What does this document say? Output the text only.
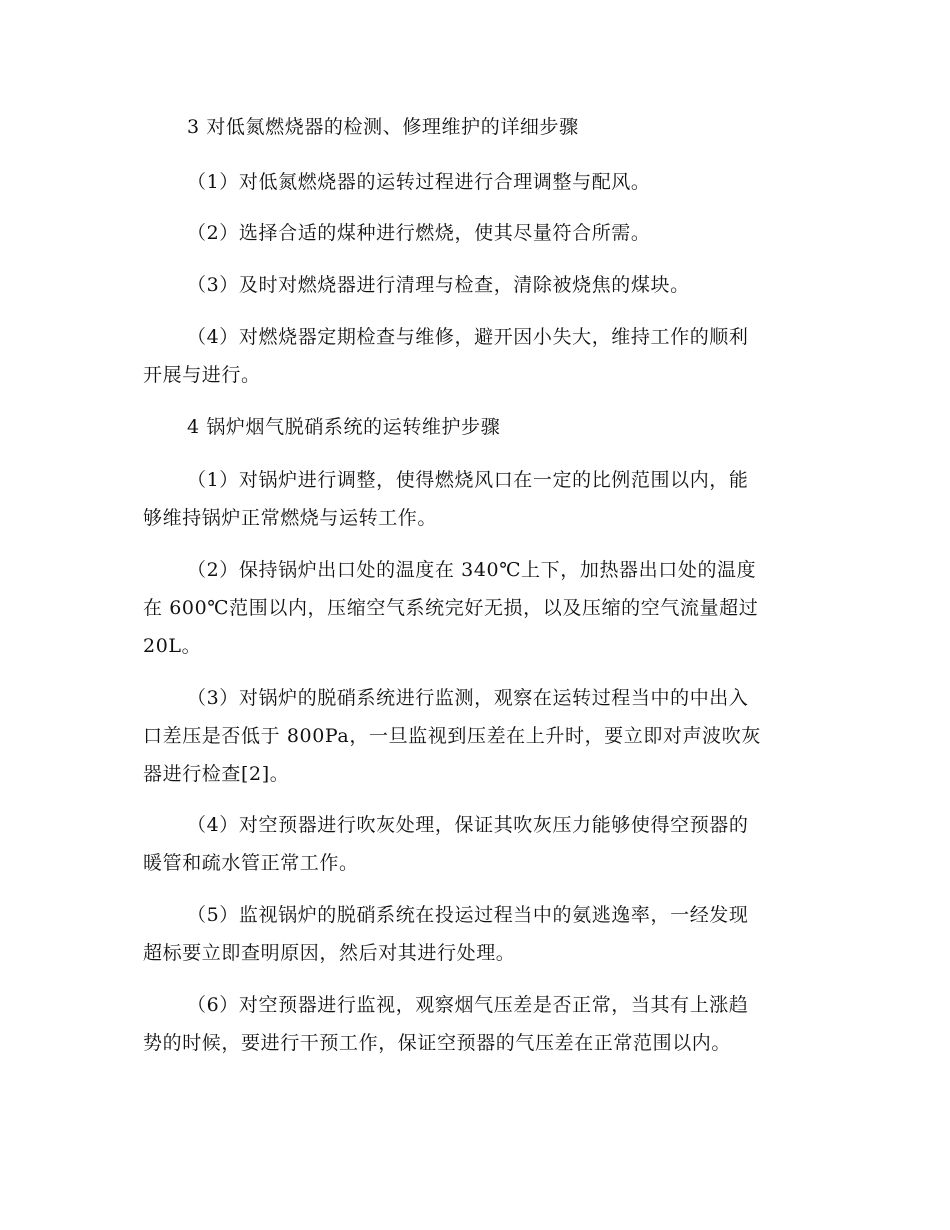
3 对低氮燃烧器的检测、修理维护的详细步骤
（1）对低氮燃烧器的运转过程进行合理调整与配风。
（2）选择合适的煤种进行燃烧，使其尽量符合所需。
（3）及时对燃烧器进行清理与检查，清除被烧焦的煤块。
（4）对燃烧器定期检查与维修，避开因小失大，维持工作的顺利
开展与进行。
4 锅炉烟气脱硝系统的运转维护步骤
（1）对锅炉进行调整，使得燃烧风口在一定的比例范围以内，能
够维持锅炉正常燃烧与运转工作。
（2）保持锅炉出口处的温度在 340℃上下，加热器出口处的温度
在 600℃范围以内，压缩空气系统完好无损，以及压缩的空气流量超过
20L。
（3）对锅炉的脱硝系统进行监测，观察在运转过程当中的中出入
口差压是否低于 800Pa，一旦监视到压差在上升时，要立即对声波吹灰
器进行检查[2]。
（4）对空预器进行吹灰处理，保证其吹灰压力能够使得空预器的
暖管和疏水管正常工作。
（5）监视锅炉的脱硝系统在投运过程当中的氨逃逸率，一经发现
超标要立即查明原因，然后对其进行处理。
（6）对空预器进行监视，观察烟气压差是否正常，当其有上涨趋
势的时候，要进行干预工作，保证空预器的气压差在正常范围以内。
